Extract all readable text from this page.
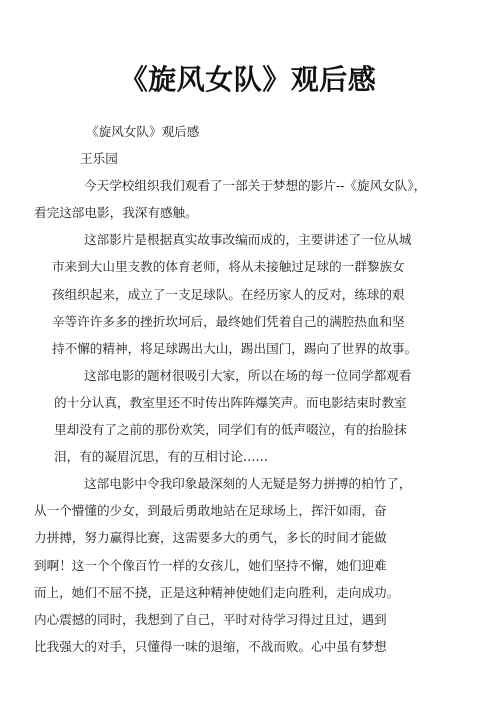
《旋风女队》观后感
《旋风女队》观后感
王乐园
今天学校组织我们观看了一部关于梦想的影片--《旋风女队》，
看完这部电影，我深有感触。
这部影片是根据真实故事改编而成的，主要讲述了一位从城
市来到大山里支教的体育老师，将从未接触过足球的一群黎族女
孩组织起来，成立了一支足球队。在经历家人的反对，练球的艰
辛等许许多多的挫折坎坷后，最终她们凭着自己的满腔热血和坚
持不懈的精神，将足球踢出大山，踢出国门，踢向了世界的故事。
这部电影的题材很吸引大家，所以在场的每一位同学都观看
的十分认真，教室里还不时传出阵阵爆笑声。而电影结束时教室
里却没有了之前的那份欢笑，同学们有的低声啜泣，有的抬脸抹
泪，有的凝眉沉思，有的互相讨论……
这部电影中令我印象最深刻的人无疑是努力拼搏的柏竹了，
从一个懵懂的少女，到最后勇敢地站在足球场上，挥汗如雨，奋
力拼搏，努力赢得比赛，这需要多大的勇气，多长的时间才能做
到啊！这一个个像百竹一样的女孩儿，她们坚持不懈，她们迎难
而上，她们不屈不挠，正是这种精神使她们走向胜利，走向成功。
内心震撼的同时，我想到了自己，平时对待学习得过且过，遇到
比我强大的对手，只懂得一味的退缩，不战而败。心中虽有梦想
